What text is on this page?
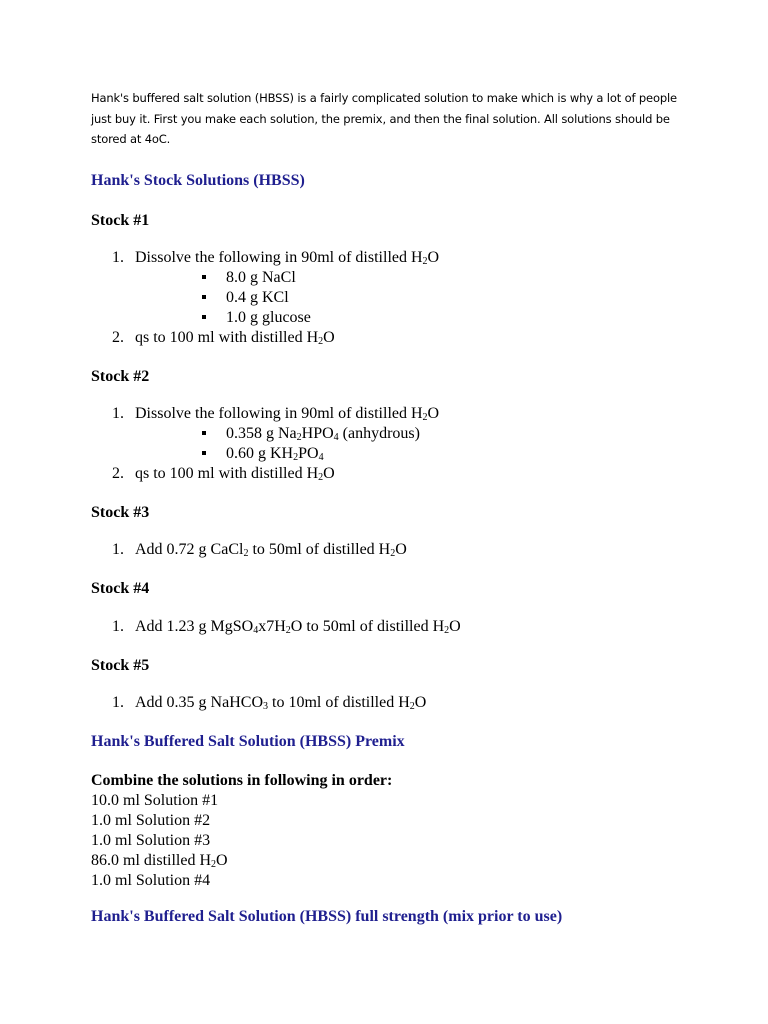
Hank's buffered salt solution (HBSS) is a fairly complicated solution to make which is why a lot of people just buy it. First you make each solution, the premix, and then the final solution. All solutions should be stored at 4oC.

Hank's Stock Solutions (HBSS)
Stock #1
1. Dissolve the following in 90ml of distilled $H_2O$
8.0 g NaCl
0.4 g KCl
1.0 g glucose
2. qs to 100 ml with distilled $H_2O$
Stock #2
1. Dissolve the following in 90ml of distilled $H_2O$
0.358 g $Na_2HPO_4$ (anhydrous)
0.60 g $KH_2PO_4$
2. qs to 100 ml with distilled $H_2O$
Stock #3
1. Add 0.72 g CaCl$_2$ to 50ml of distilled $H_2O$
Stock #4
1. Add 1.23 g $MgSO_4x7H_2O$ to 50ml of distilled $H_2O$
Stock #5
1. Add 0.35 g NaHCO$_3$ to 10ml of distilled $H_2O$
Hank's Buffered Salt Solution (HBSS) Premix
Combine the solutions in following in order:
10.0 ml Solution #1
1.0 ml Solution #2
1.0 ml Solution #3
86.0 ml distilled $H_2O$
1.0 ml Solution #4
Hank's Buffered Salt Solution (HBSS) full strength (mix prior to use)
